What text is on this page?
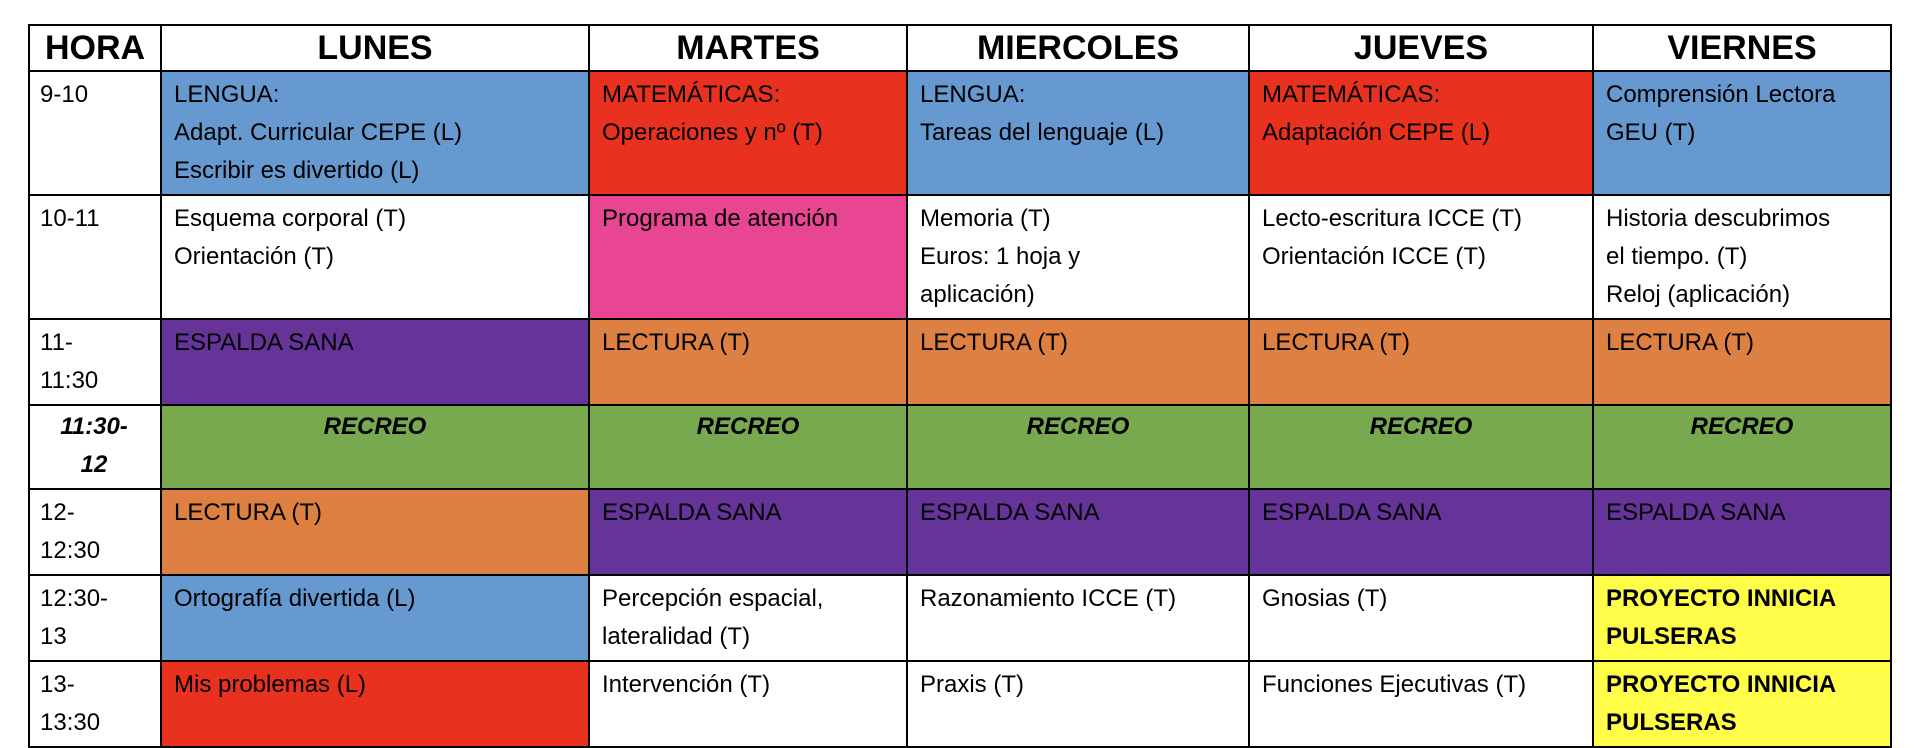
HORA	LUNES	MARTES	MIERCOLES	JUEVES	VIERNES

9-10	LENGUA:
Adapt. Curricular CEPE (L)
Escribir es divertido (L)	MATEMÁTICAS:
Operaciones y nº (T)	LENGUA:
Tareas del lenguaje (L)	MATEMÁTICAS:
Adaptación CEPE (L)	Comprensión Lectora
GEU (T)

10-11	Esquema corporal (T)
Orientación (T)	Programa de atención	Memoria (T)
Euros: 1 hoja y
aplicación)	Lecto-escritura ICCE (T)
Orientación ICCE (T)	Historia descubrimos
el tiempo. (T)
Reloj (aplicación)

11-
11:30	ESPALDA SANA	LECTURA (T)	LECTURA (T)	LECTURA (T)	LECTURA (T)

11:30-
12	RECREO	RECREO	RECREO	RECREO	RECREO

12-
12:30	LECTURA (T)	ESPALDA SANA	ESPALDA SANA	ESPALDA SANA	ESPALDA SANA

12:30-
13	Ortografía divertida (L)	Percepción espacial,
lateralidad (T)	Razonamiento ICCE (T)	Gnosias (T)	PROYECTO INNICIA
PULSERAS

13-
13:30	Mis problemas (L)	Intervención (T)	Praxis (T)	Funciones Ejecutivas (T)	PROYECTO INNICIA
PULSERAS
